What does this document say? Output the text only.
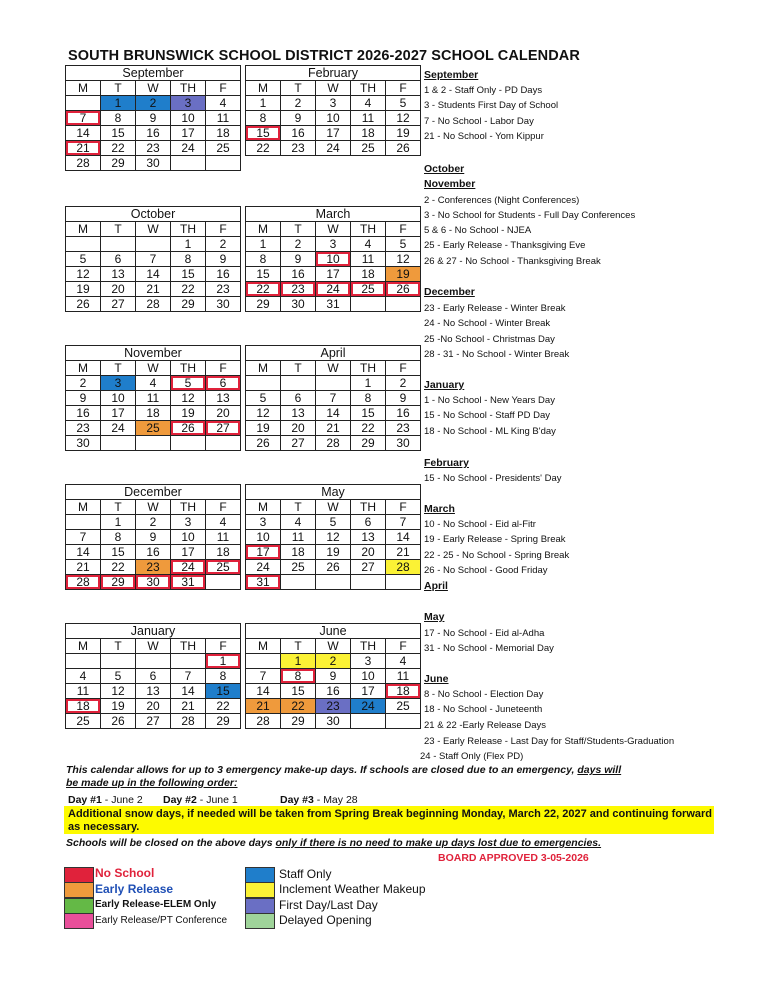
SOUTH BRUNSWICK SCHOOL DISTRICT 2026-2027 SCHOOL CALENDAR
September				
M	T	W	TH	F
	1	2	3	4
7	8	9	10	11
14	15	16	17	18
21	22	23	24	25
28	29	30		
February				
M	T	W	TH	F
1	2	3	4	5
8	9	10	11	12
15	16	17	18	19
22	23	24	25	26
October				
M	T	W	TH	F
			1	2
5	6	7	8	9
12	13	14	15	16
19	20	21	22	23
26	27	28	29	30
March				
M	T	W	TH	F
1	2	3	4	5
8	9	10	11	12
15	16	17	18	19
22	23	24	25	26
29	30	31		
November				
M	T	W	TH	F
2	3	4	5	6
9	10	11	12	13
16	17	18	19	20
23	24	25	26	27
30				
April				
M	T	W	TH	F
			1	2
5	6	7	8	9
12	13	14	15	16
19	20	21	22	23
26	27	28	29	30
December				
M	T	W	TH	F
	1	2	3	4
7	8	9	10	11
14	15	16	17	18
21	22	23	24	25
28	29	30	31	
May				
M	T	W	TH	F
3	4	5	6	7
10	11	12	13	14
17	18	19	20	21
24	25	26	27	28
31				
January				
M	T	W	TH	F
				1
4	5	6	7	8
11	12	13	14	15
18	19	20	21	22
25	26	27	28	29
June				
M	T	W	TH	F
	1	2	3	4
7	8	9	10	11
14	15	16	17	18
21	22	23	24	25
28	29	30		
September
1 & 2 - Staff Only - PD Days
3 - Students First Day of School
7 - No School - Labor Day
21 - No School - Yom Kippur
October
November
2 - Conferences (Night Conferences)
3 - No School for Students - Full Day Conferences
5 & 6 - No School - NJEA
25 - Early Release - Thanksgiving Eve
26 & 27 - No School - Thanksgiving Break
December
23 - Early Release - Winter Break
24 - No School - Winter Break
25 -No School - Christmas Day
28 - 31 - No School - Winter Break
January
1 - No School - New Years Day
15 - No School - Staff PD Day
18 - No School - ML King B'day
February
15 - No School - Presidents' Day
March
10 - No School - Eid al-Fitr
19 - Early Release - Spring Break
22 - 25 - No School - Spring Break
26 - No School - Good Friday
April
May
17 - No School - Eid al-Adha
31 - No School - Memorial Day
June
8 - No School - Election Day
18 - No School - Juneteenth
21 & 22 -Early Release Days
23 - Early Release - Last Day for Staff/Students-Graduation
24 - Staff Only (Flex PD)
This calendar allows for up to 3 emergency make-up days. If schools are closed due to an emergency, days will
be made up in the following order:
Day #1 - June 2 Day #2 - June 1	Day #3 - May 28
Additional snow days, if needed will be taken from Spring Break beginning Monday, March 22, 2027 and continuing forward as necessary.
Schools will be closed on the above days only if there is no need to make up days lost due to emergencies.
BOARD APPROVED 3-05-2026
No School
Early Release
Early Release-ELEM Only
Early Release/PT Conference
Staff Only
Inclement Weather Makeup
First Day/Last Day
Delayed Opening
